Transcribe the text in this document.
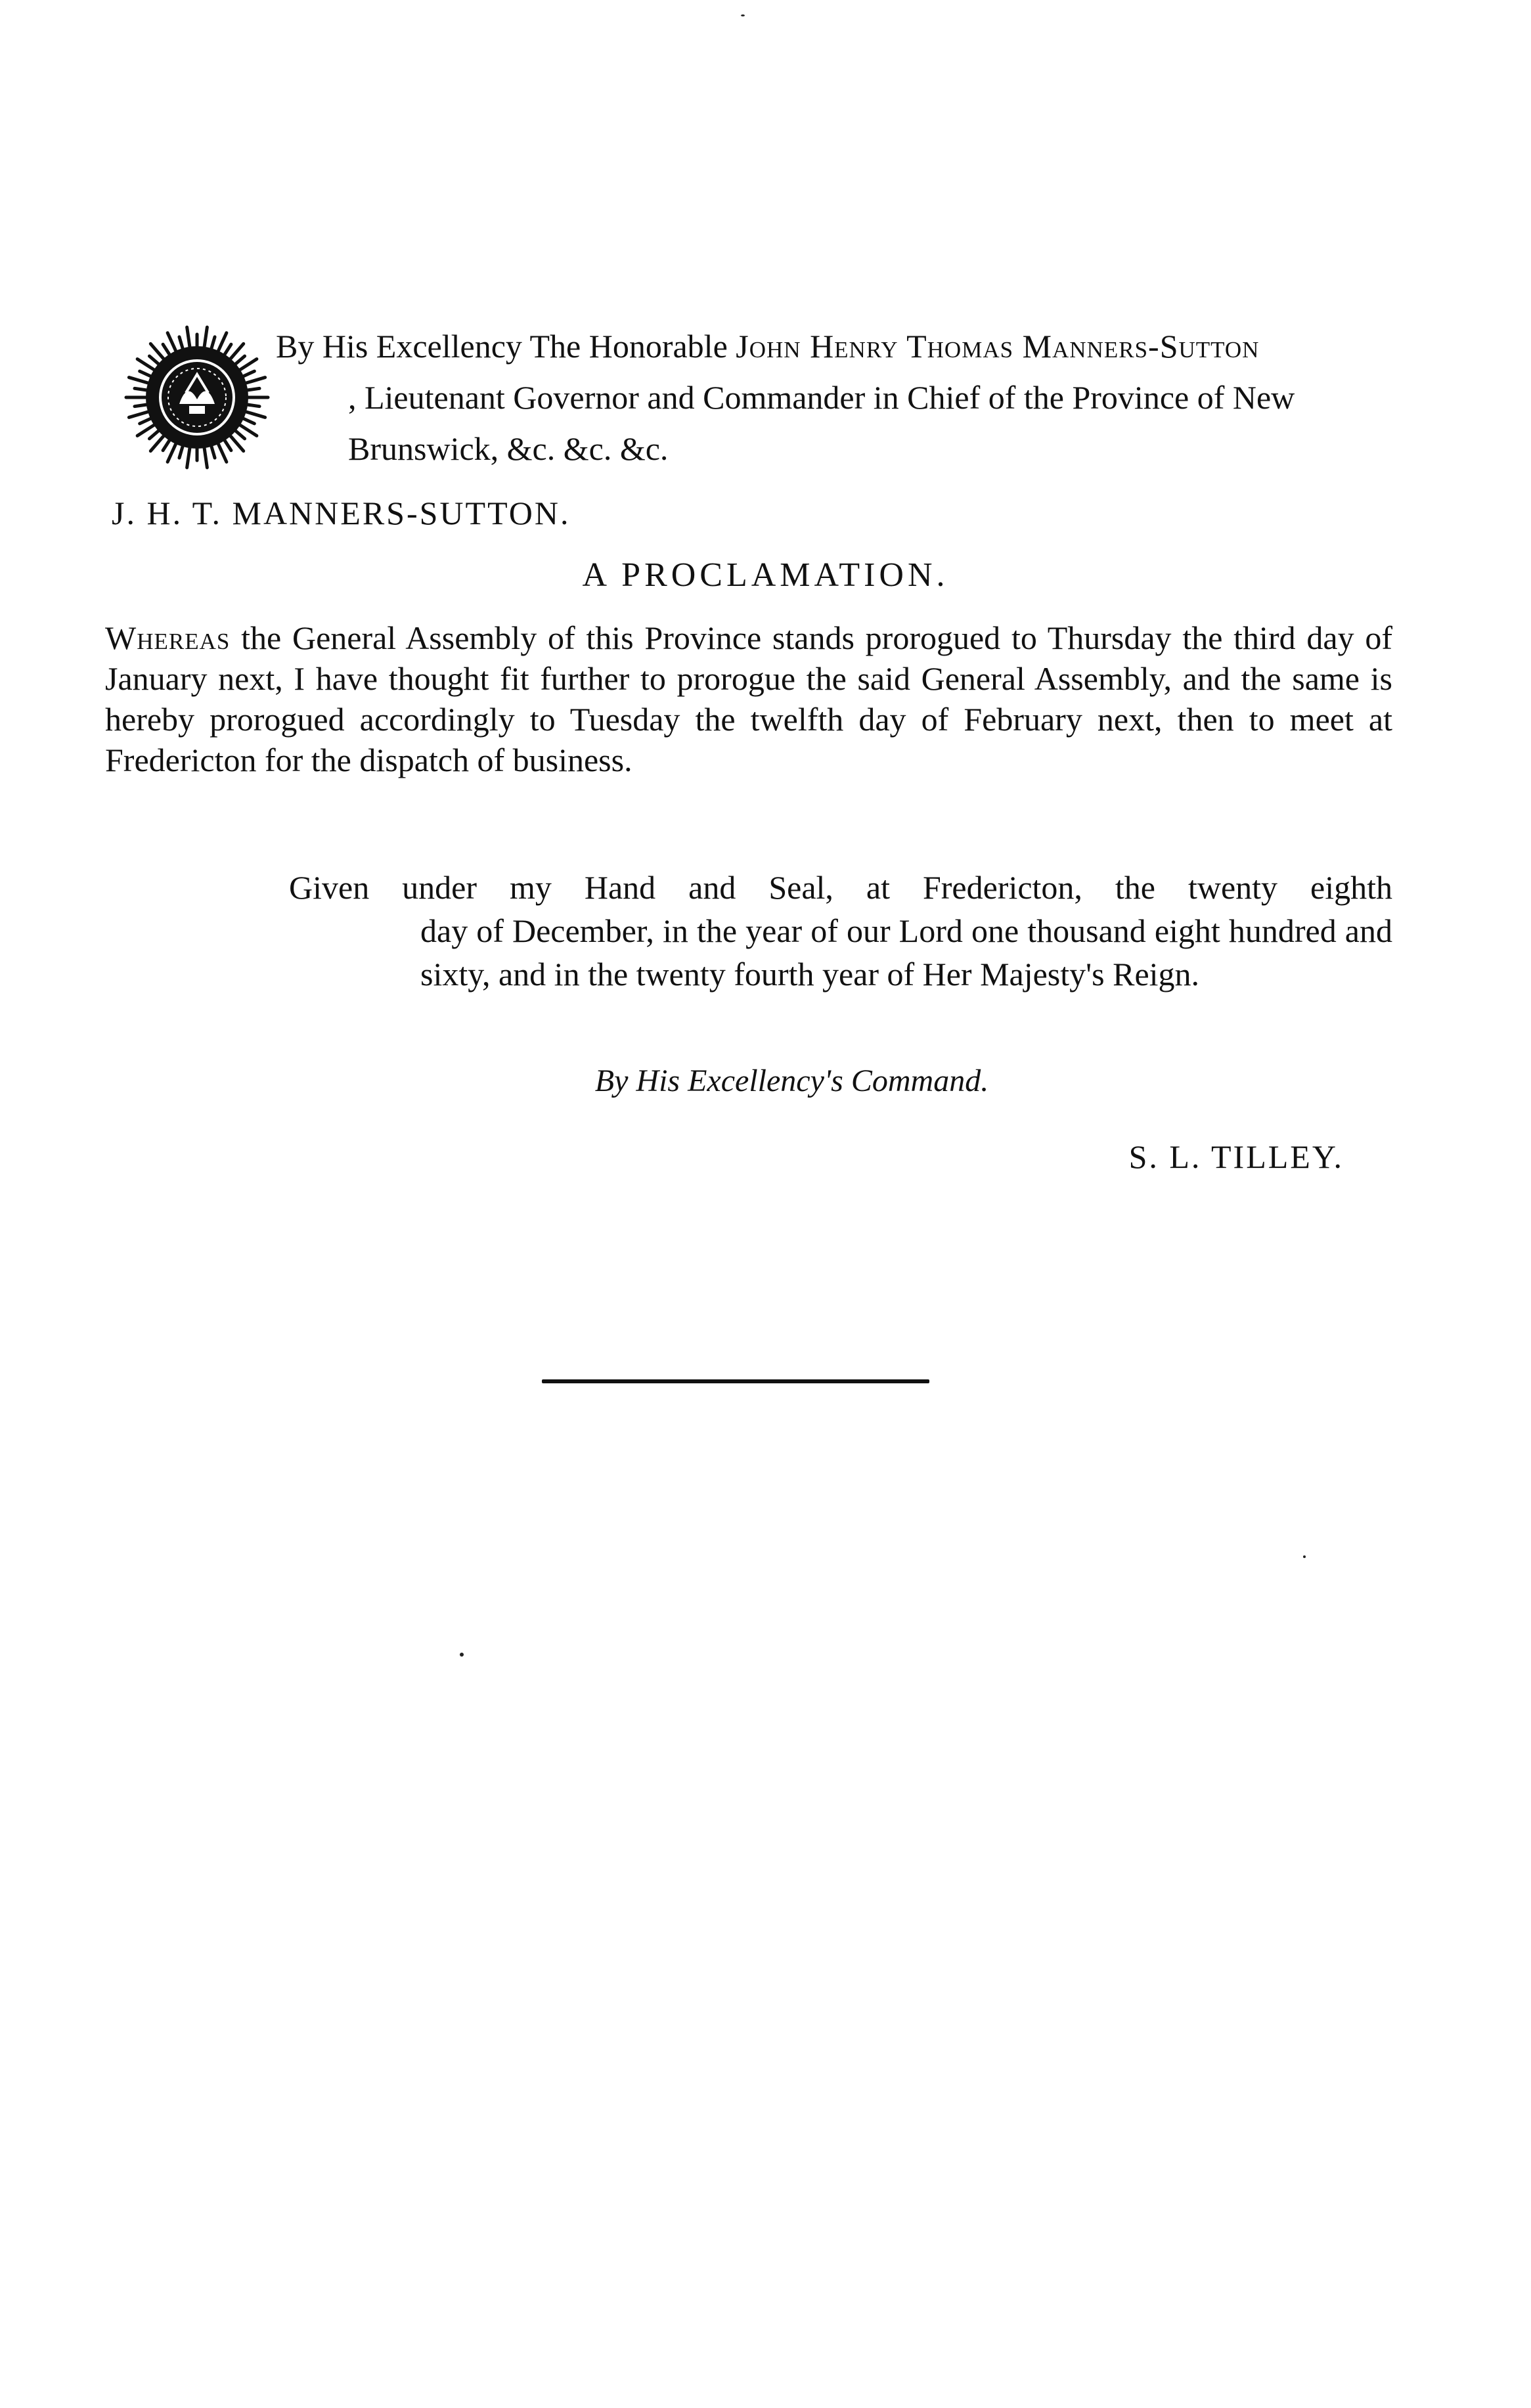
By His Excellency The Honorable John Henry Thomas Manners-Sutton
, Lieutenant Governor and Commander in Chief of the Province of New Brunswick, &c. &c. &c.
J. H. T. MANNERS-SUTTON.
A PROCLAMATION.
Whereas the General Assembly of this Province stands prorogued to Thursday the third day of January next, I have thought fit further to prorogue the said General Assembly, and the same is hereby prorogued accordingly to Tuesday the twelfth day of February next, then to meet at Fredericton for the dispatch of business.
Given under my Hand and Seal, at Fredericton, the twenty eighth
day of December, in the year of our Lord one thousand eight hundred and sixty, and in the twenty fourth year of Her Majesty's Reign.
By His Excellency's Command.
S. L. TILLEY.
